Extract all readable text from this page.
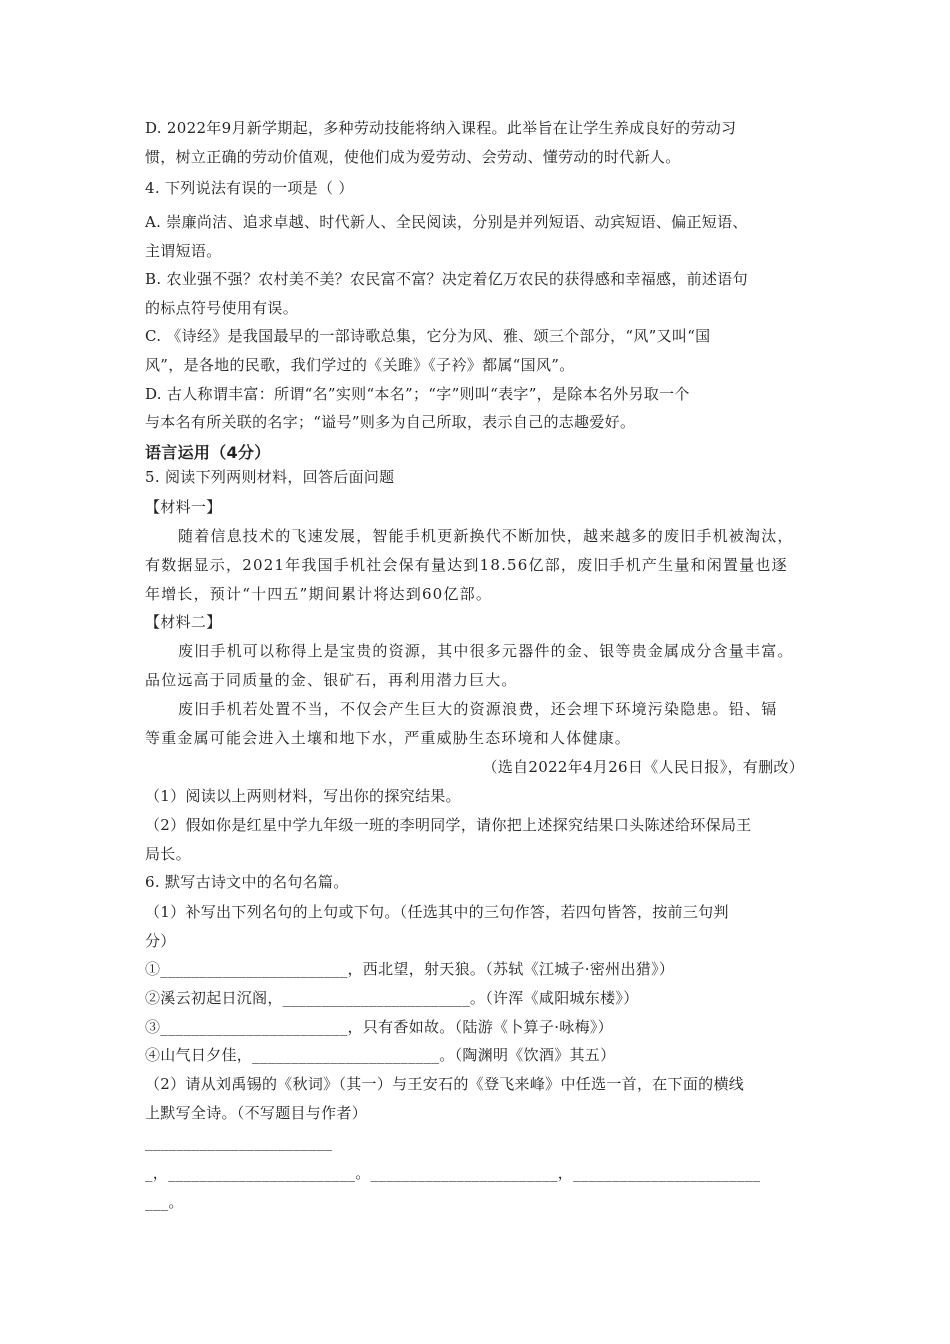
D. 2022年9月新学期起，多种劳动技能将纳入课程。此举旨在让学生养成良好的劳动习
惯，树立正确的劳动价值观，使他们成为爱劳动、会劳动、懂劳动的时代新人。
4. 下列说法有误的一项是（ ）
A. 崇廉尚洁、追求卓越、时代新人、全民阅读，分别是并列短语、动宾短语、偏正短语、
主谓短语。
B. 农业强不强？农村美不美？农民富不富？决定着亿万农民的获得感和幸福感，前述语句
的标点符号使用有误。
C. 《诗经》是我国最早的一部诗歌总集，它分为风、雅、颂三个部分，“风”又叫“国
风”，是各地的民歌，我们学过的《关雎》《子衿》都属“国风”。
D. 古人称谓丰富：所谓“名”实则“本名”；“字”则叫“表字”，是除本名外另取一个
与本名有所关联的名字；“谥号”则多为自己所取，表示自己的志趣爱好。
语言运用（4分）
5. 阅读下列两则材料，回答后面问题
【材料一】
随着信息技术的飞速发展，智能手机更新换代不断加快，越来越多的废旧手机被淘汰，
有数据显示，2021年我国手机社会保有量达到18.56亿部，废旧手机产生量和闲置量也逐
年增长，预计“十四五”期间累计将达到60亿部。
【材料二】
废旧手机可以称得上是宝贵的资源，其中很多元器件的金、银等贵金属成分含量丰富。
品位远高于同质量的金、银矿石，再利用潜力巨大。
废旧手机若处置不当，不仅会产生巨大的资源浪费，还会埋下环境污染隐患。铅、镉
等重金属可能会进入土壤和地下水，严重威胁生态环境和人体健康。
（选自2022年4月26日《人民日报》，有删改）
（1）阅读以上两则材料，写出你的探究结果。
（2）假如你是红星中学九年级一班的李明同学，请你把上述探究结果口头陈述给环保局王
局长。
6. 默写古诗文中的名句名篇。
（1）补写出下列名句的上句或下句。（任选其中的三句作答，若四句皆答，按前三句判
分）
①________________________，西北望，射天狼。（苏轼《江城子·密州出猎》）
②溪云初起日沉阁，________________________。（许浑《咸阳城东楼》）
③________________________，只有香如故。（陆游《卜算子·咏梅》）
④山气日夕佳，________________________。（陶渊明《饮酒》其五）
（2）请从刘禹锡的《秋词》（其一）与王安石的《登飞来峰》中任选一首，在下面的横线
上默写全诗。（不写题目与作者）
________________________
_，________________________。________________________，________________________
___。
